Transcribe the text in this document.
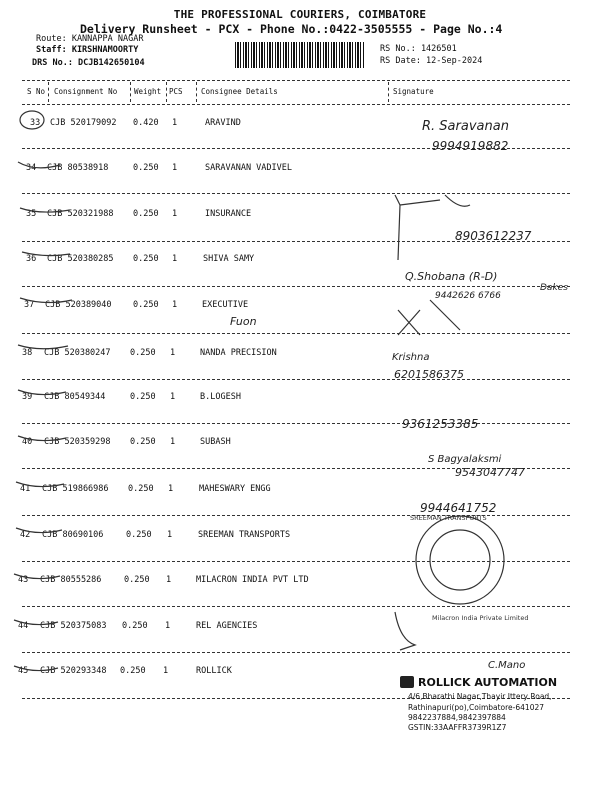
THE PROFESSIONAL COURIERS, COIMBATORE
Delivery Runsheet - PCX - Phone No.:0422-3505555 - Page No.:4
Route: KANNAPPA NAGAR
Staff: KIRSHNAMOORTY
DRS No.: DCJB142650104
RS No.: 1426501
RS Date: 12-Sep-2024
S No Consignment No Weight PCS Consignee Details	Signature
33 CJB 520179092 0.420 1	ARAVIND
34 CJB 80538918	0.250 1	SARAVANAN VADIVEL
35 CJB 520321988 0.250 1	INSURANCE
36 CJB 520380285 0.250 1	SHIVA SAMY
37 CJB 520389040	0.250 1	EXECUTIVE
38 CJB 520380247 0.250 1	NANDA PRECISION
39 CJB 80549344	0.250 1	B.LOGESH
40 CJB 520359298 0.250 1	SUBASH
41 CJB 519866986 0.250 1	MAHESWARY ENGG
42 CJB 80690106	0.250 1	SREEMAN TRANSPORTS
43 CJB 80555286	0.250 1	MILACRON INDIA PVT LTD
44 CJB 520375083 0.250 1	REL AGENCIES
45 CJB 520293348 0.250 1	ROLLICK
R. Saravanan
9994919882
8903612237
Q.Shobana (R-D)
Dakes
9442626 6766
Fuon
Krishna
6201586375
9361253385
S Bagyalaksmi
9543047747
9944641752
C.Mano
SREEMAN TRANSPORTS
Milacron India Private Limited
ROLLICK AUTOMATION
4/6,Bharathi Nagar,Thayir Ittery Road,
Rathinapuri(po),Coimbatore-641027
9842237884,9842397884
GSTIN:33AAFFR3739R1Z7
